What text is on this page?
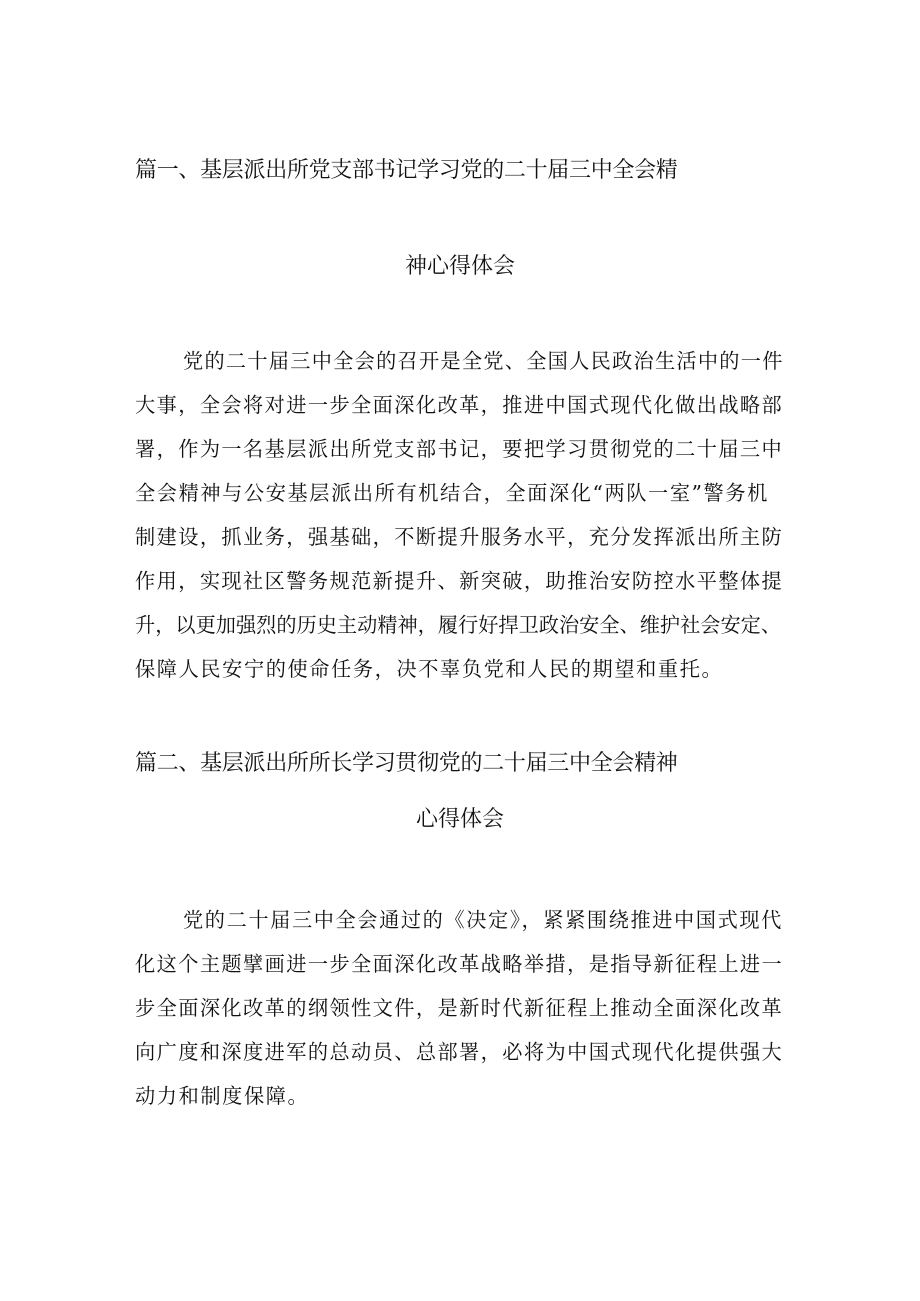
篇一、基层派出所党支部书记学习党的二十届三中全会精
神心得体会
党的二十届三中全会的召开是全党、全国人民政治生活中的一件
大事，全会将对进一步全面深化改革，推进中国式现代化做出战略部
署，作为一名基层派出所党支部书记，要把学习贯彻党的二十届三中
全会精神与公安基层派出所有机结合，全面深化“两队一室”警务机
制建设，抓业务，强基础，不断提升服务水平，充分发挥派出所主防
作用，实现社区警务规范新提升、新突破，助推治安防控水平整体提
升，以更加强烈的历史主动精神，履行好捍卫政治安全、维护社会安定、
保障人民安宁的使命任务，决不辜负党和人民的期望和重托。
篇二、基层派出所所长学习贯彻党的二十届三中全会精神
心得体会
党的二十届三中全会通过的《决定》，紧紧围绕推进中国式现代
化这个主题擘画进一步全面深化改革战略举措，是指导新征程上进一
步全面深化改革的纲领性文件，是新时代新征程上推动全面深化改革
向广度和深度进军的总动员、总部署，必将为中国式现代化提供强大
动力和制度保障。
